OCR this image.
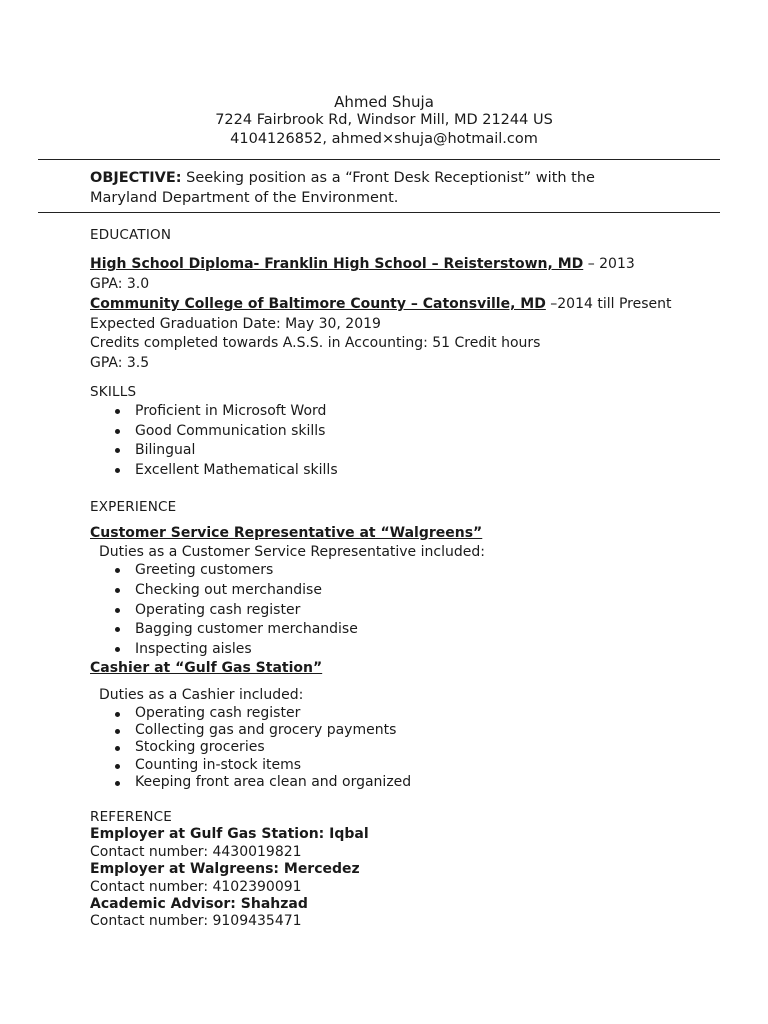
Ahmed Shuja
7224 Fairbrook Rd, Windsor Mill, MD 21244 US
4104126852, ahmed×shuja@hotmail.com
OBJECTIVE: Seeking position as a “Front Desk Receptionist” with the Maryland Department of the Environment.
EDUCATION
High School Diploma- Franklin High School – Reisterstown, MD – 2013
GPA: 3.0
Community College of Baltimore County – Catonsville, MD –2014 till Present
Expected Graduation Date: May 30, 2019
Credits completed towards A.S.S. in Accounting: 51 Credit hours
GPA: 3.5
SKILLS
Proficient in Microsoft Word
Good Communication skills
Bilingual
Excellent Mathematical skills
EXPERIENCE
Customer Service Representative at “Walgreens”
Duties as a Customer Service Representative included:
Greeting customers
Checking out merchandise
Operating cash register
Bagging customer merchandise
Inspecting aisles
Cashier at “Gulf Gas Station”
Duties as a Cashier included:
Operating cash register
Collecting gas and grocery payments
Stocking groceries
Counting in-stock items
Keeping front area clean and organized
REFERENCE
Employer at Gulf Gas Station: Iqbal
Contact number: 4430019821
Employer at Walgreens: Mercedez
Contact number: 4102390091
Academic Advisor: Shahzad
Contact number: 9109435471
